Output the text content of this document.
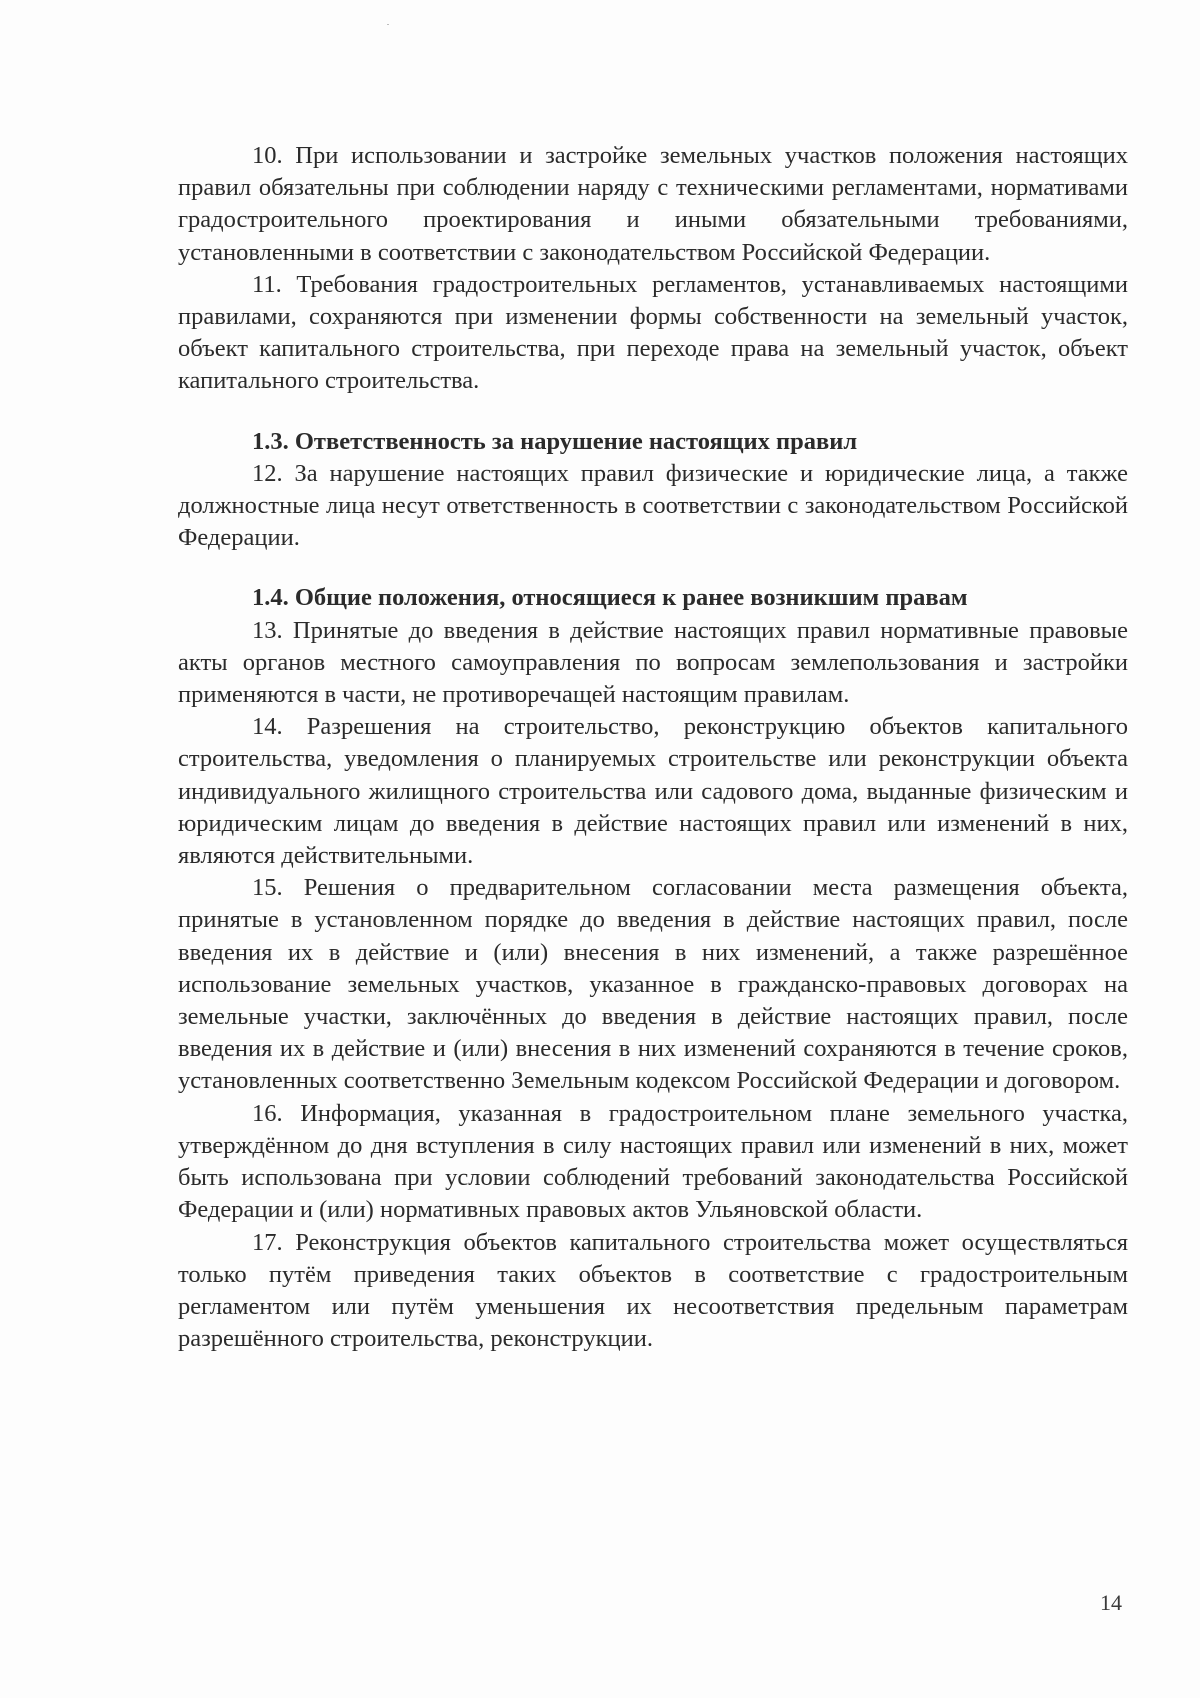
10. При использовании и застройке земельных участков положения настоящих правил обязательны при соблюдении наряду с техническими регламентами, нормативами градостроительного проектирования и иными обязательными требованиями, установленными в соответствии с законодательством Российской Федерации.

11. Требования градостроительных регламентов, устанавливаемых настоящими правилами, сохраняются при изменении формы собственности на земельный участок, объект капитального строительства, при переходе права на земельный участок, объект капитального строительства.

1.3. Ответственность за нарушение настоящих правил

12. За нарушение настоящих правил физические и юридические лица, а также должностные лица несут ответственность в соответствии с законодательством Российской Федерации.

1.4. Общие положения, относящиеся к ранее возникшим правам

13. Принятые до введения в действие настоящих правил нормативные правовые акты органов местного самоуправления по вопросам землепользования и застройки применяются в части, не противоречащей настоящим правилам.

14. Разрешения на строительство, реконструкцию объектов капитального строительства, уведомления о планируемых строительстве или реконструкции объекта индивидуального жилищного строительства или садового дома, выданные физическим и юридическим лицам до введения в действие настоящих правил или изменений в них, являются действительными.

15. Решения о предварительном согласовании места размещения объекта, принятые в установленном порядке до введения в действие настоящих правил, после введения их в действие и (или) внесения в них изменений, а также разрешённое использование земельных участков, указанное в гражданско-правовых договорах на земельные участки, заключённых до введения в действие настоящих правил, после введения их в действие и (или) внесения в них изменений сохраняются в течение сроков, установленных соответственно Земельным кодексом Российской Федерации и договором.

16. Информация, указанная в градостроительном плане земельного участка, утверждённом до дня вступления в силу настоящих правил или изменений в них, может быть использована при условии соблюдений требований законодательства Российской Федерации и (или) нормативных правовых актов Ульяновской области.

17. Реконструкция объектов капитального строительства может осуществляться только путём приведения таких объектов в соответствие с градостроительным регламентом или путём уменьшения их несоответствия предельным параметрам разрешённого строительства, реконструкции.

14
